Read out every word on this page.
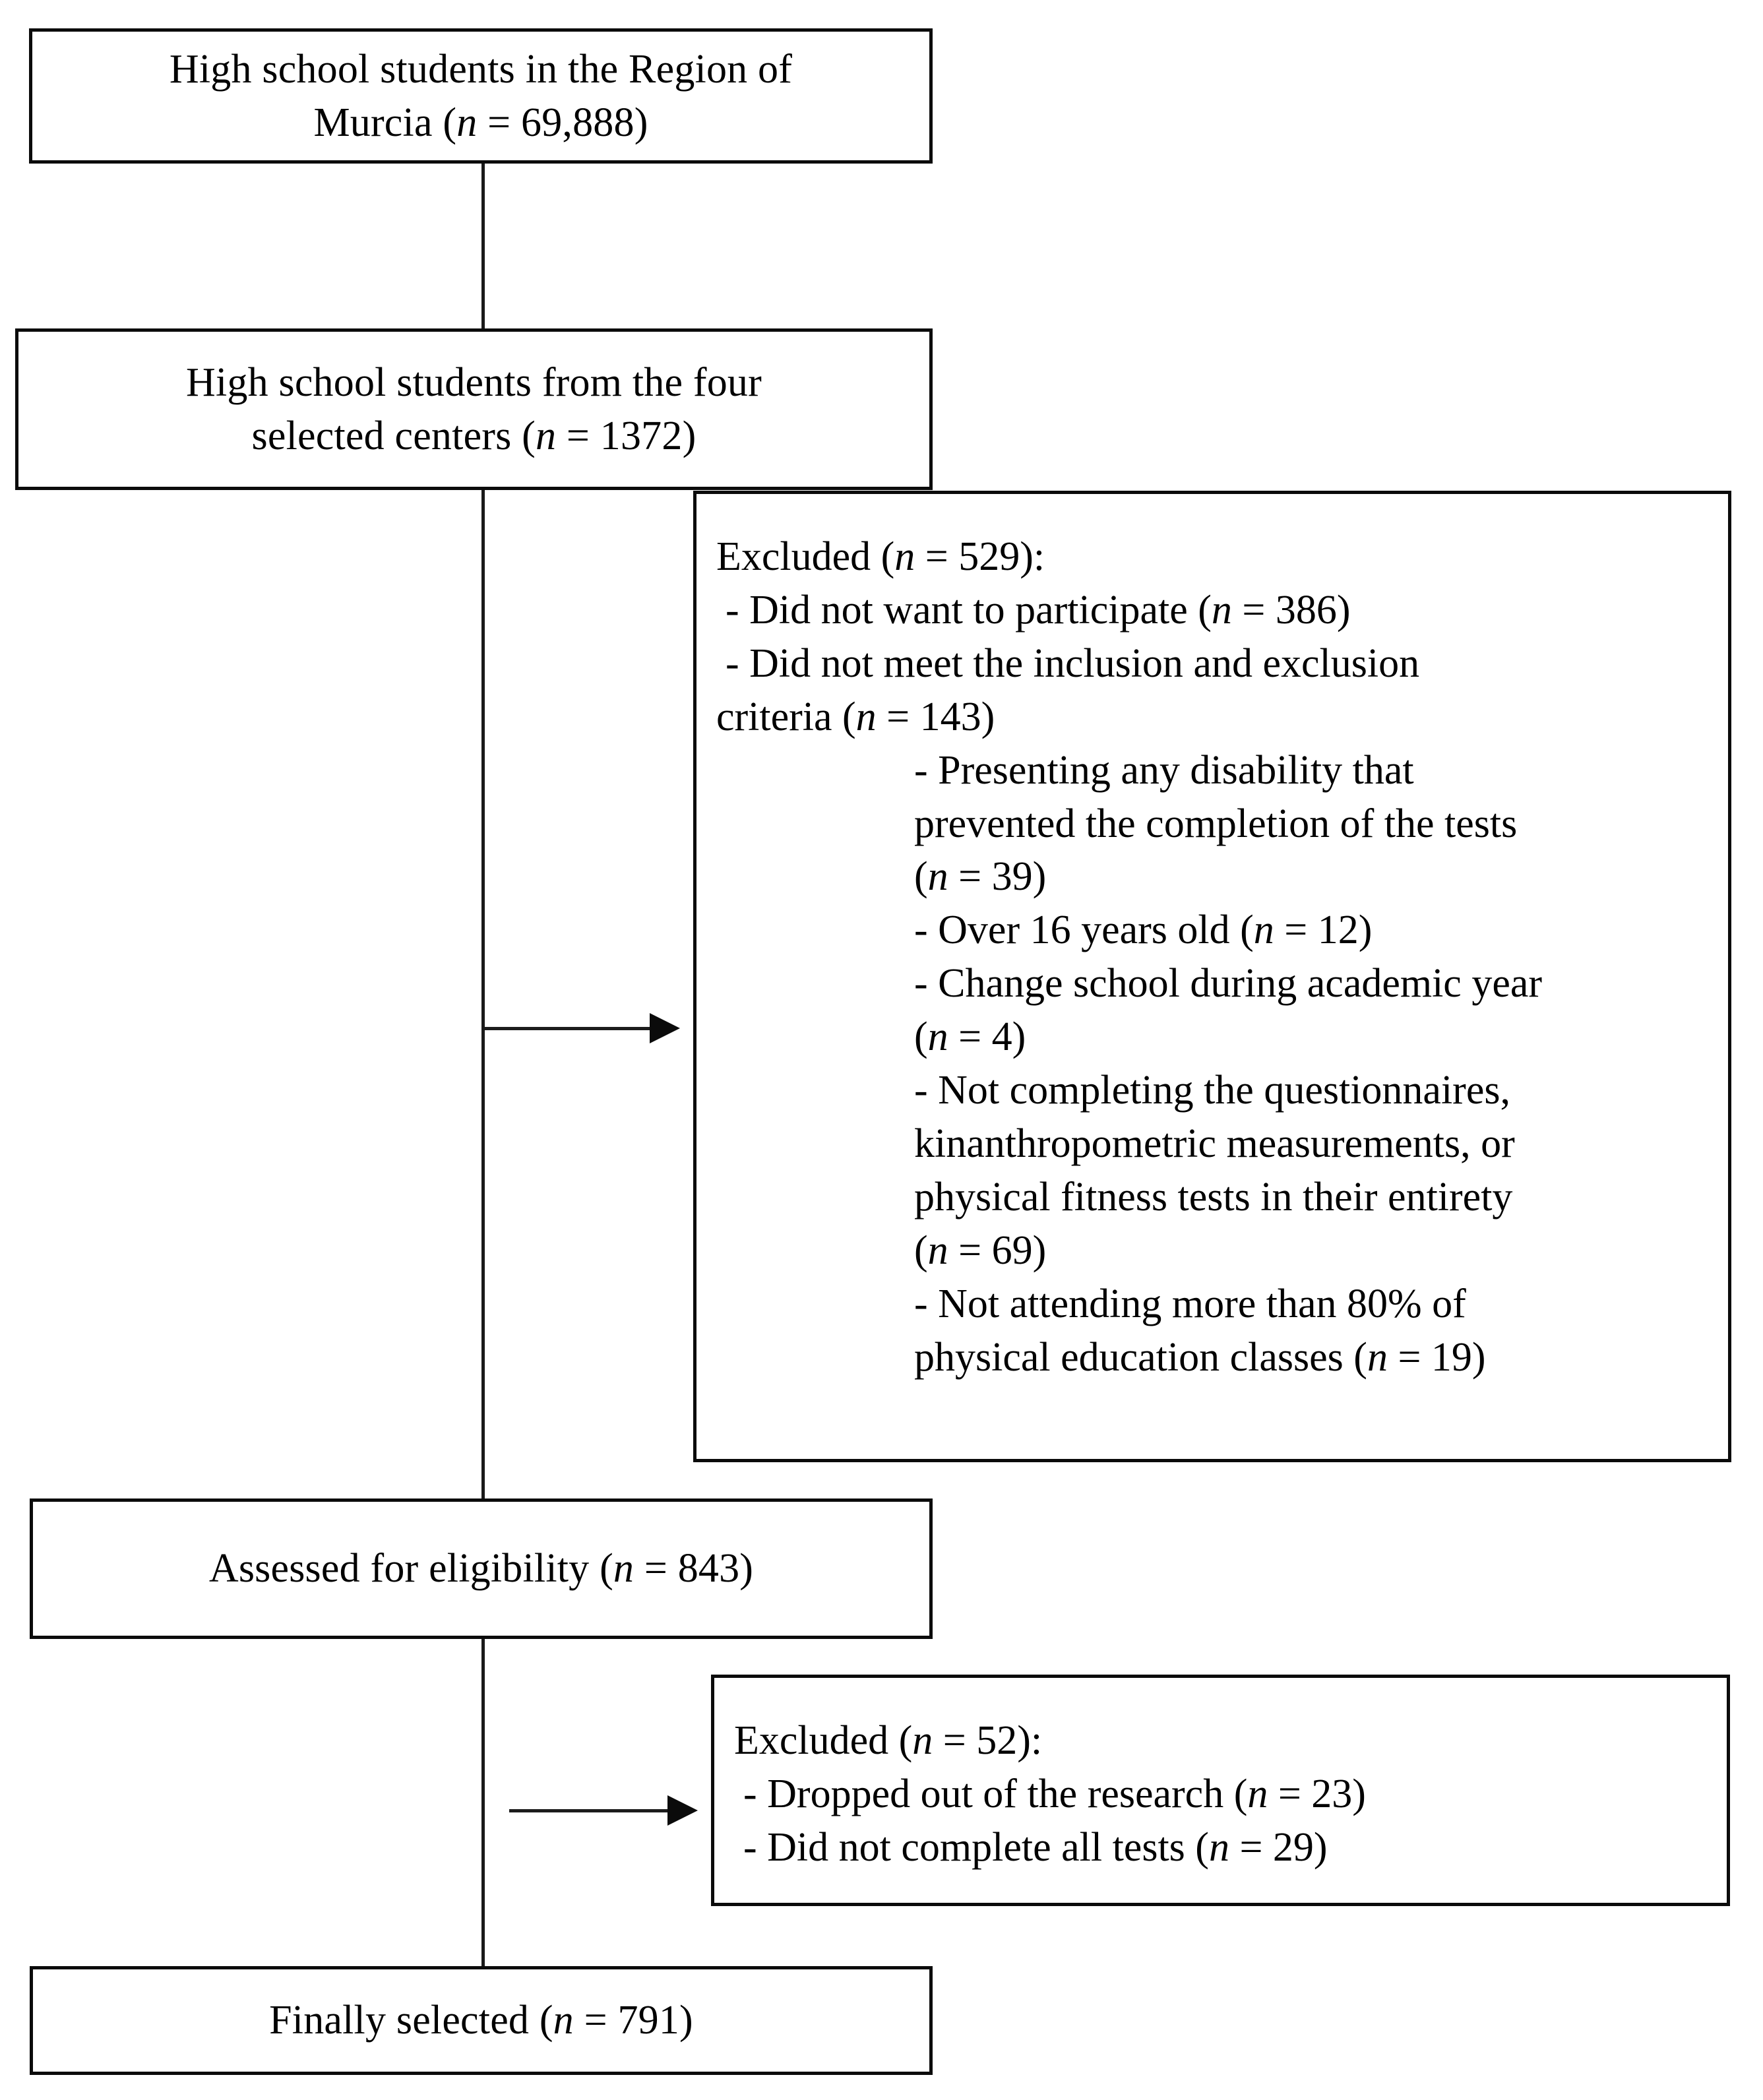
High school students in the Region of
Murcia (n = 69,888)
High school students from the four
selected centers (n = 1372)
Excluded (n = 529):
- Did not want to participate (n = 386)
- Did not meet the inclusion and exclusion
criteria (n = 143)
- Presenting any disability that
prevented the completion of the tests
(n = 39)
- Over 16 years old (n = 12)
- Change school during academic year
(n = 4)
- Not completing the questionnaires,
kinanthropometric measurements, or
physical fitness tests in their entirety
(n = 69)
- Not attending more than 80% of
physical education classes (n = 19)
Assessed for eligibility (n = 843)
Excluded (n = 52):
- Dropped out of the research (n = 23)
- Did not complete all tests (n = 29)
Finally selected (n = 791)
